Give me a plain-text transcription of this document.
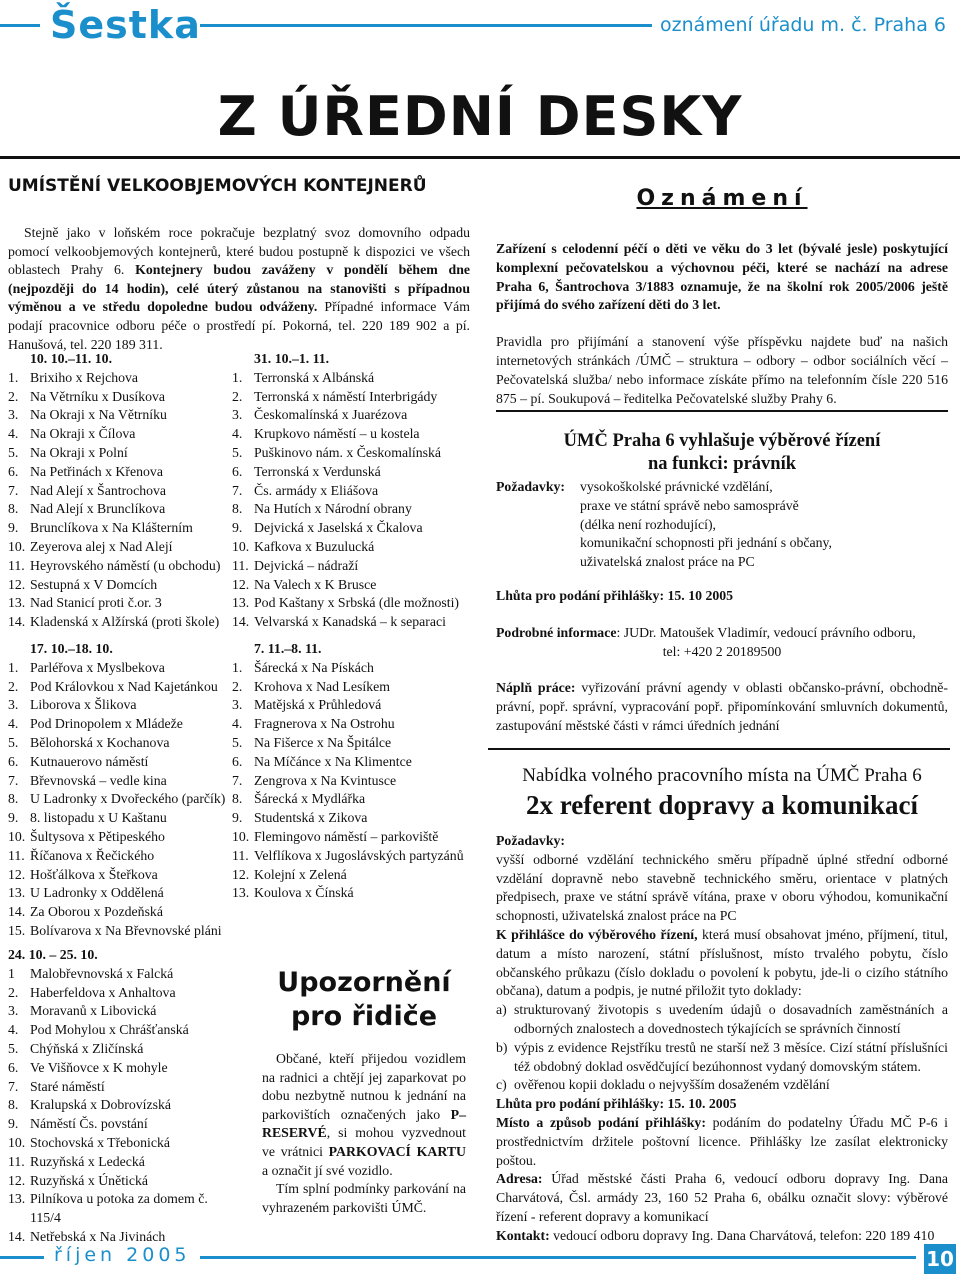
Šestka	oznámení úřadu m. č. Praha 6
Z ÚŘEDNÍ DESKY
UMÍSTĚNÍ VELKOOBJEMOVÝCH KONTEJNERŮ

Stejně jako v loňském roce pokračuje bezplatný svoz domovního odpadu pomocí velkoobjemových kontejnerů, které budou postupně k dispozici ve všech oblastech Prahy 6. Kontejnery budou zaváženy v pondělí během dne (nejpozději do 14 hodin), celé úterý zůstanou na stanovišti s případnou výměnou a ve středu dopoledne budou odváženy. Případné informace Vám podají pracovnice odboru péče o prostředí pí. Pokorná, tel. 220 189 902 a pí. Hanušová, tel. 220 189 311.

10. 10.–11. 10.
1. Brixiho x Rejchova
2. Na Větrníku x Dusíkova
3. Na Okraji x Na Větrníku
4. Na Okraji x Čílova
5. Na Okraji x Polní
6. Na Petřinách x Křenova
7. Nad Alejí x Šantrochova
8. Nad Alejí x Brunclíkova
9. Brunclíkova x Na Klášterním
10. Zeyerova alej x Nad Alejí
11. Heyrovského náměstí (u obchodu)
12. Sestupná x V Domcích
13. Nad Stanicí proti č.or. 3
14. Kladenská x Alžírská (proti škole)
31. 10.–1. 11.
1. Terronská x Albánská
2. Terronská x náměstí Interbrigády
3. Českomalínská x Juarézova
4. Krupkovo náměstí – u kostela
5. Puškinovo nám. x Českomalínská
6. Terronská x Verdunská
7. Čs. armády x Eliášova
8. Na Hutích x Národní obrany
9. Dejvická x Jaselská x Čkalova
10. Kafkova x Buzulucká
11. Dejvická – nádraží
12. Na Valech x K Brusce
13. Pod Kaštany x Srbská (dle možnosti)
14. Velvarská x Kanadská – k separaci
17. 10.–18. 10.
1. Parléřova x Myslbekova
2. Pod Královkou x Nad Kajetánkou
3. Liborova x Šlikova
4. Pod Drinopolem x Mládeže
5. Bělohorská x Kochanova
6. Kutnauerovo náměstí
7. Břevnovská – vedle kina
8. U Ladronky x Dvořeckého (parčík)
9. 8. listopadu x U Kaštanu
10. Šultysova x Pětipeského
11. Říčanova x Řečického
12. Hošťálkova x Šteřkova
13. U Ladronky x Oddělená
14. Za Oborou x Pozdeňská
15. Bolívarova x Na Břevnovské pláni
7. 11.–8. 11.
1. Šárecká x Na Pískách
2. Krohova x Nad Lesíkem
3. Matějská x Průhledová
4. Fragnerova x Na Ostrohu
5. Na Fišerce x Na Špitálce
6. Na Míčánce x Na Klimentce
7. Zengrova x Na Kvintusce
8. Šárecká x Mydlářka
9. Studentská x Zikova
10. Flemingovo náměstí – parkoviště
11. Velflíkova x Jugoslávských partyzánů
12. Kolejní x Zelená
13. Koulova x Čínská
24. 10. – 25. 10.
1	Malobřevnovská x Falcká
2. Haberfeldova x Anhaltova
3. Moravanů x Libovická
4. Pod Mohylou x Chrášťanská
5. Chýňská x Zličínská
6. Ve Višňovce x K mohyle
7. Staré náměstí
8. Kralupská x Dobrovízská
9. Náměstí Čs. povstání
10. Stochovská x Třebonická
11. Ruzyňská x Ledecká
12. Ruzyňská x Únětická
13. Pilníkova u potoka za domem č. 115/4
14. Netřebská x Na Jivinách
Upozornění
pro řidiče

Občané, kteří přijedou vozidlem na radnici a chtějí jej zaparkovat po dobu nezbytně nutnou k jednání na parkovištích označených jako P–RESERVÉ, si mohou vyzvednout ve vrátnici PARKOVACÍ KARTU a označit jí své vozidlo.

Tím splní podmínky parkování na vyhrazeném parkovišti ÚMČ.

Oznámení

Zařízení s celodenní péčí o děti ve věku do 3 let (bývalé jesle) poskytující komplexní pečovatelskou a výchovnou péči, které se nachází na adrese Praha 6, Šantrochova 3/1883 oznamuje, že na školní rok 2005/2006 ještě přijímá do svého zařízení děti do 3 let.

Pravidla pro přijímání a stanovení výše příspěvku najdete buď na našich internetových stránkách /ÚMČ – struktura – odbory – odbor sociálních věcí – Pečovatelská služba/ nebo informace získáte přímo na telefonním čísle 220 516 875 – pí. Soukupová – ředitelka Pečovatelské služby Prahy 6.

ÚMČ Praha 6 vyhlašuje výběrové řízení
na funkci: právník
Požadavky:	vysokoškolské právnické vzdělání,
praxe ve státní správě nebo samosprávě
(délka není rozhodující),
komunikační schopnosti při jednání s občany,
uživatelská znalost práce na PC
Lhůta pro podání přihlášky: 15. 10 2005
Podrobné informace: JUDr. Matoušek Vladimír, vedoucí právního odboru,
tel: +420 2 20189500

Náplň práce: vyřizování právní agendy v oblasti občansko-právní, obchodně-právní, popř. správní, vypracování popř. připomínkování smluvních dokumentů, zastupování městské části v rámci úředních jednání

Nabídka volného pracovního místa na ÚMČ Praha 6
2x referent dopravy a komunikací
Požadavky:

vyšší odborné vzdělání technického směru případně úplné střední odborné vzdělání dopravně nebo stavebně technického směru, orientace v platných předpisech, praxe ve státní správě vítána, praxe v oboru výhodou, komunikační schopnosti, uživatelská znalost práce na PC

K přihlášce do výběrového řízení, která musí obsahovat jméno, příjmení, titul, datum a místo narození, státní příslušnost, místo trvalého pobytu, číslo občanského průkazu (číslo dokladu o povolení k pobytu, jde-li o cizího státního občana), datum a podpis, je nutné přiložit tyto doklady:

a) strukturovaný životopis s uvedením údajů o dosavadních zaměstnáních a odborných znalostech a dovednostech týkajících se správních činností
b) výpis z evidence Rejstříku trestů ne starší než 3 měsíce. Cizí státní příslušníci též obdobný doklad osvědčující bezúhonnost vydaný domovským státem.
c) ověřenou kopii dokladu o nejvyšším dosaženém vzdělání
Lhůta pro podání přihlášky: 15. 10. 2005

Místo a způsob podání přihlášky: podáním do podatelny Úřadu MČ P-6 i prostřednictvím držitele poštovní licence. Přihlášky lze zasílat elektronicky poštou.

Adresa: Úřad městské části Praha 6, vedoucí odboru dopravy Ing. Dana Charvátová, Čsl. armády 23, 160 52 Praha 6, obálku označit slovy: výběrové řízení - referent dopravy a komunikací

Kontakt: vedoucí odboru dopravy Ing. Dana Charvátová, telefon: 220 189 410

říjen 2005	10
